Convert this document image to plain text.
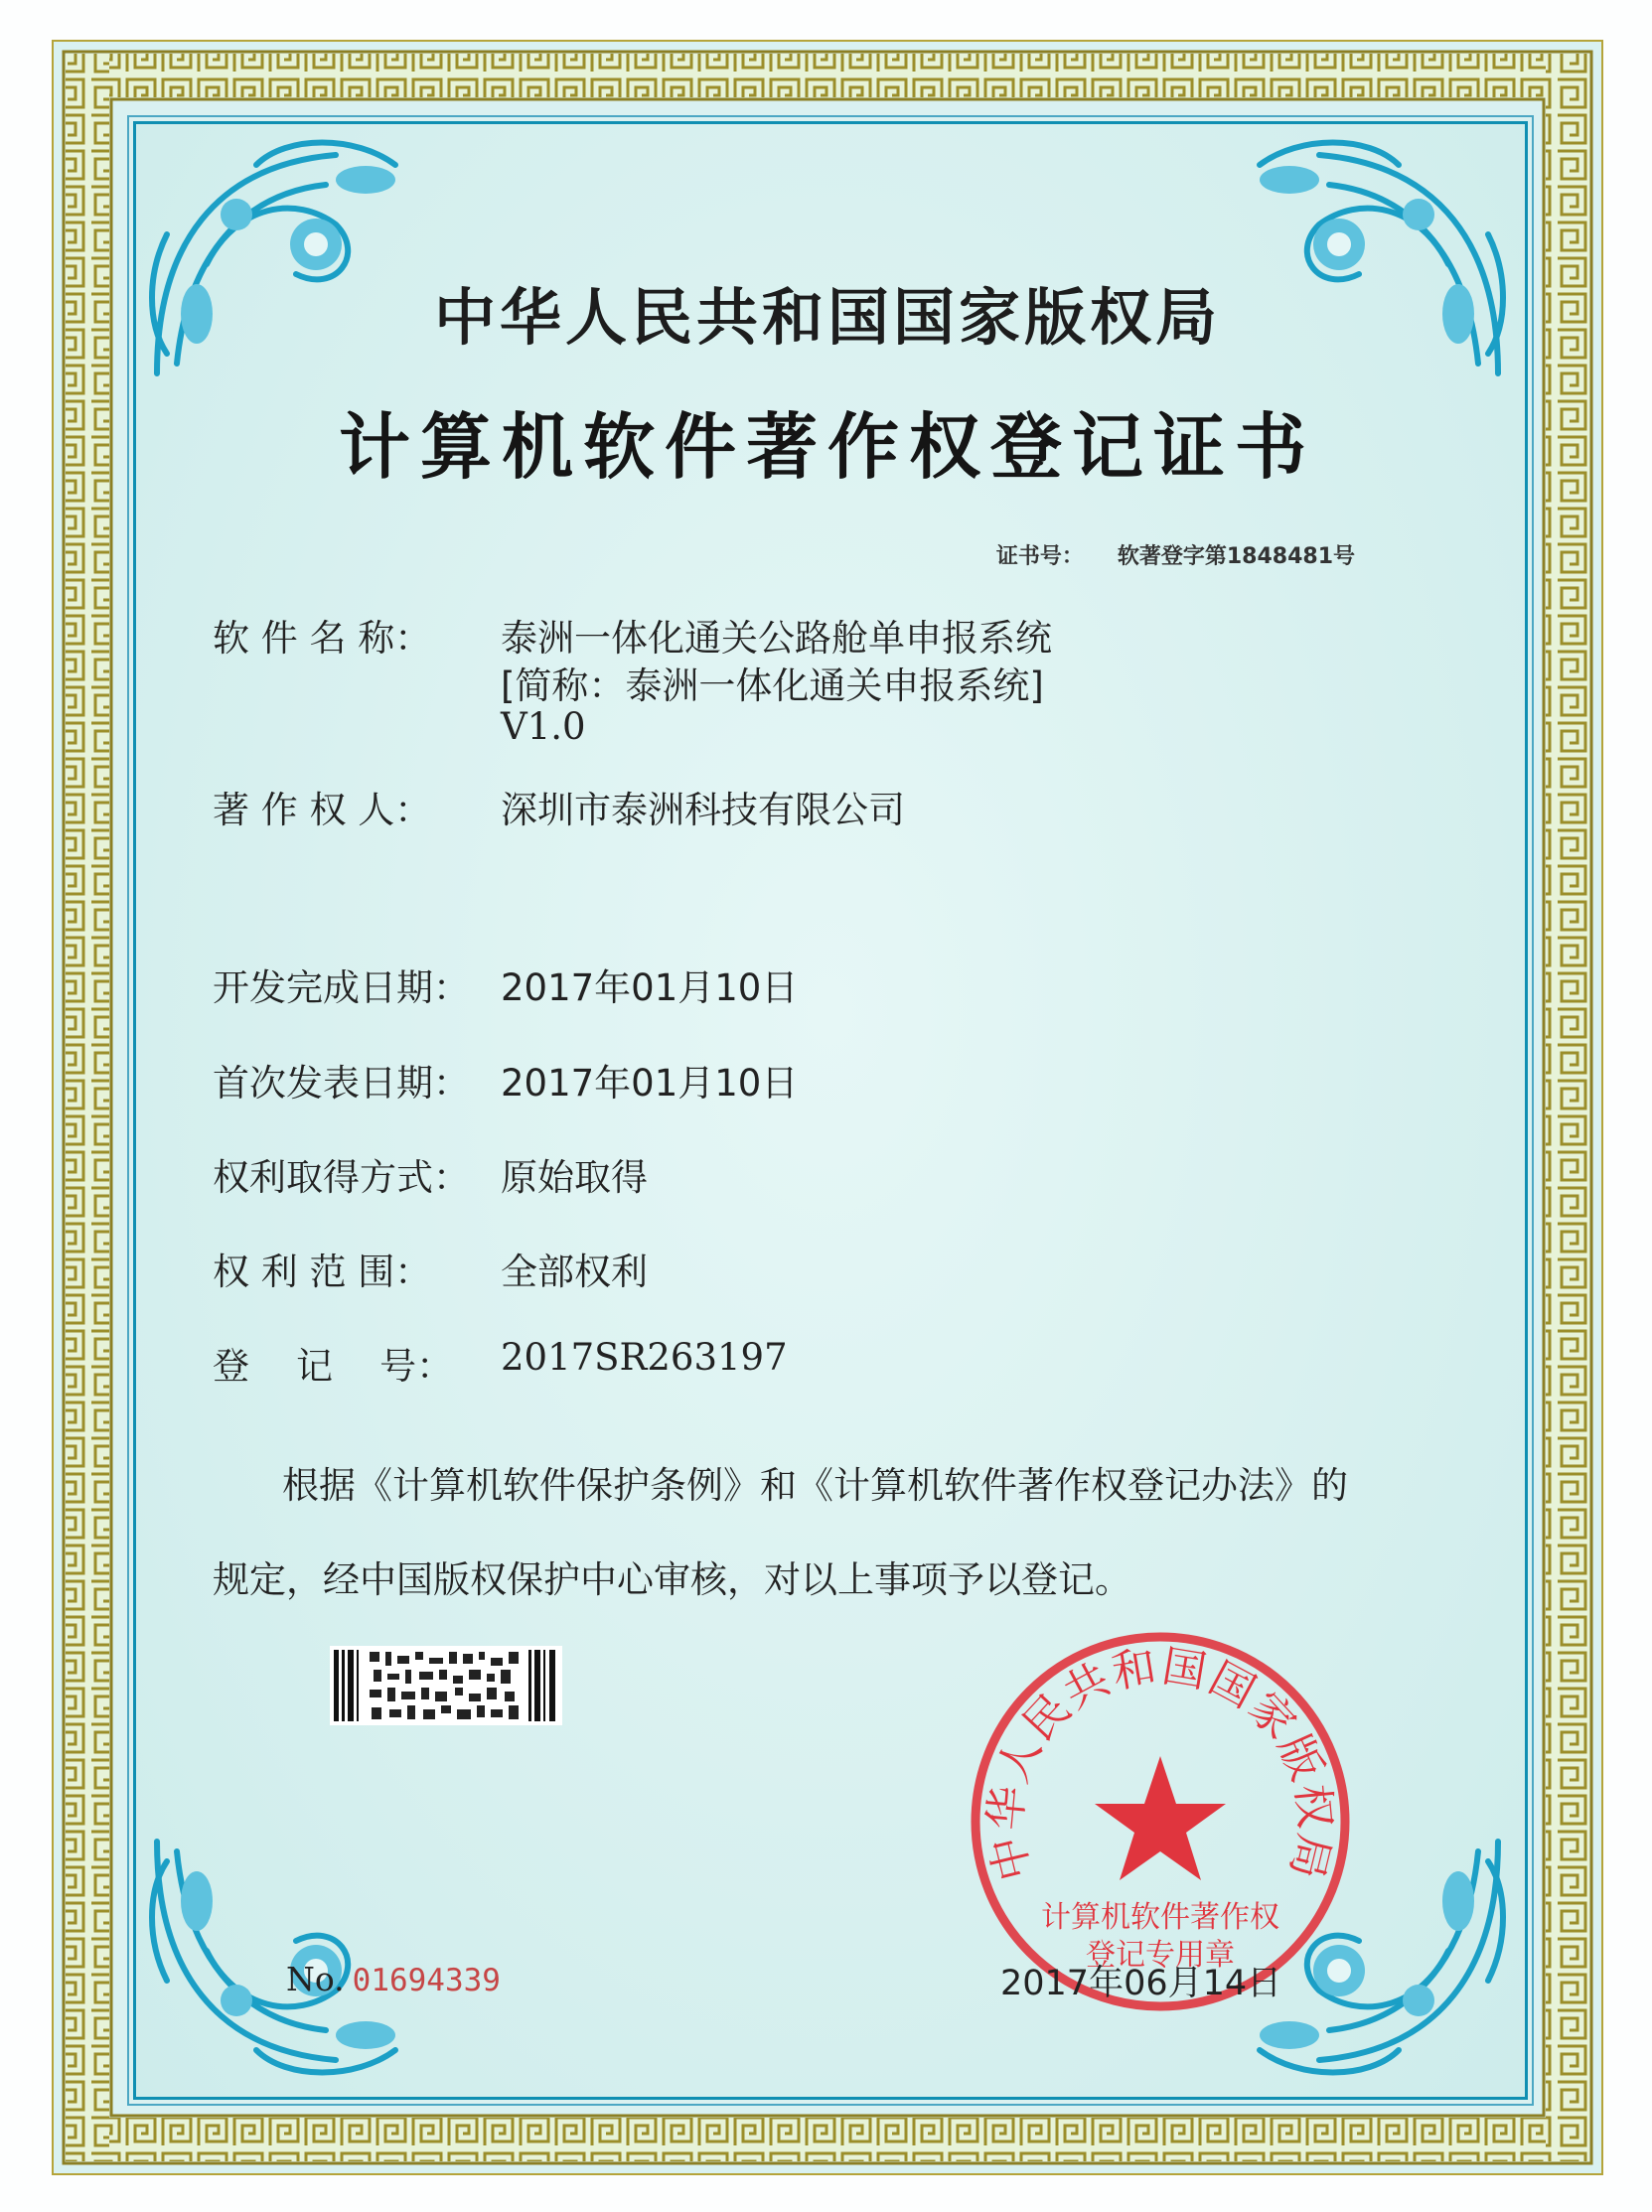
中华人民共和国国家版权局
计算机软件著作权登记证书
证书号： 软著登字第1848481号
软 件 名 称：	泰洲一体化通关公路舱单申报系统
[简称：泰洲一体化通关申报系统]
V1.0
著 作 权 人：	深圳市泰洲科技有限公司
开发完成日期： 2017年01月10日
首次发表日期： 2017年01月10日
权利取得方式： 原始取得
权 利 范 围：	全部权利
登    记    号：	2017SR263197
根据《计算机软件保护条例》和《计算机软件著作权登记办法》的
规定，经中国版权保护中心审核，对以上事项予以登记。
No. 01694339
中华人民共和国国家版权局
计算机软件著作权
登记专用章
2017年06月14日
